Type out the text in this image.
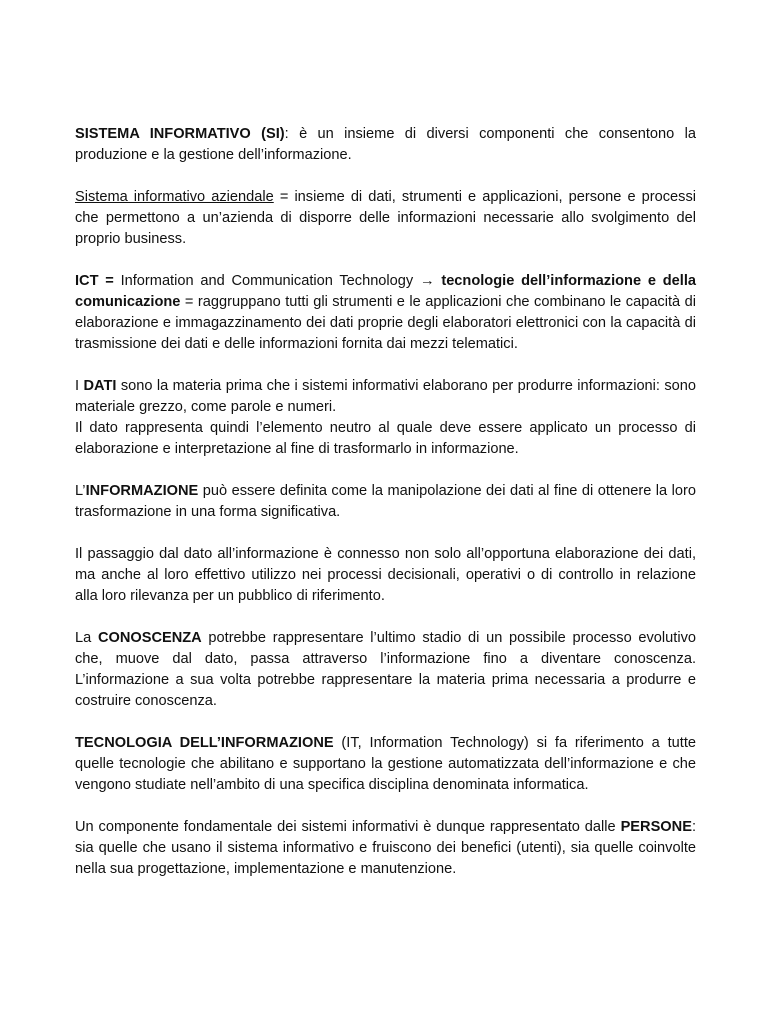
SISTEMA INFORMATIVO (SI): è un insieme di diversi componenti che consentono la produzione e la gestione dell’informazione.

Sistema informativo aziendale = insieme di dati, strumenti e applicazioni, persone e processi che permettono a un’azienda di disporre delle informazioni necessarie allo svolgimento del proprio business.

ICT = Information and Communication Technology → tecnologie dell’informazione e della comunicazione = raggruppano tutti gli strumenti e le applicazioni che combinano le capacità di elaborazione e immagazzinamento dei dati proprie degli elaboratori elettronici con la capacità di trasmissione dei dati e delle informazioni fornita dai mezzi telematici.

I DATI sono la materia prima che i sistemi informativi elaborano per produrre informazioni: sono materiale grezzo, come parole e numeri.
Il dato rappresenta quindi l’elemento neutro al quale deve essere applicato un processo di elaborazione e interpretazione al fine di trasformarlo in informazione.

L’INFORMAZIONE può essere definita come la manipolazione dei dati al fine di ottenere la loro trasformazione in una forma significativa.

Il passaggio dal dato all’informazione è connesso non solo all’opportuna elaborazione dei dati, ma anche al loro effettivo utilizzo nei processi decisionali, operativi o di controllo in relazione alla loro rilevanza per un pubblico di riferimento.

La CONOSCENZA potrebbe rappresentare l’ultimo stadio di un possibile processo evolutivo che, muove dal dato, passa attraverso l’informazione fino a diventare conoscenza. L’informazione a sua volta potrebbe rappresentare la materia prima necessaria a produrre e costruire conoscenza.

TECNOLOGIA DELL’INFORMAZIONE (IT, Information Technology) si fa riferimento a tutte quelle tecnologie che abilitano e supportano la gestione automatizzata dell’informazione e che vengono studiate nell’ambito di una specifica disciplina denominata informatica.

Un componente fondamentale dei sistemi informativi è dunque rappresentato dalle PERSONE: sia quelle che usano il sistema informativo e fruiscono dei benefici (utenti), sia quelle coinvolte nella sua progettazione, implementazione e manutenzione.
